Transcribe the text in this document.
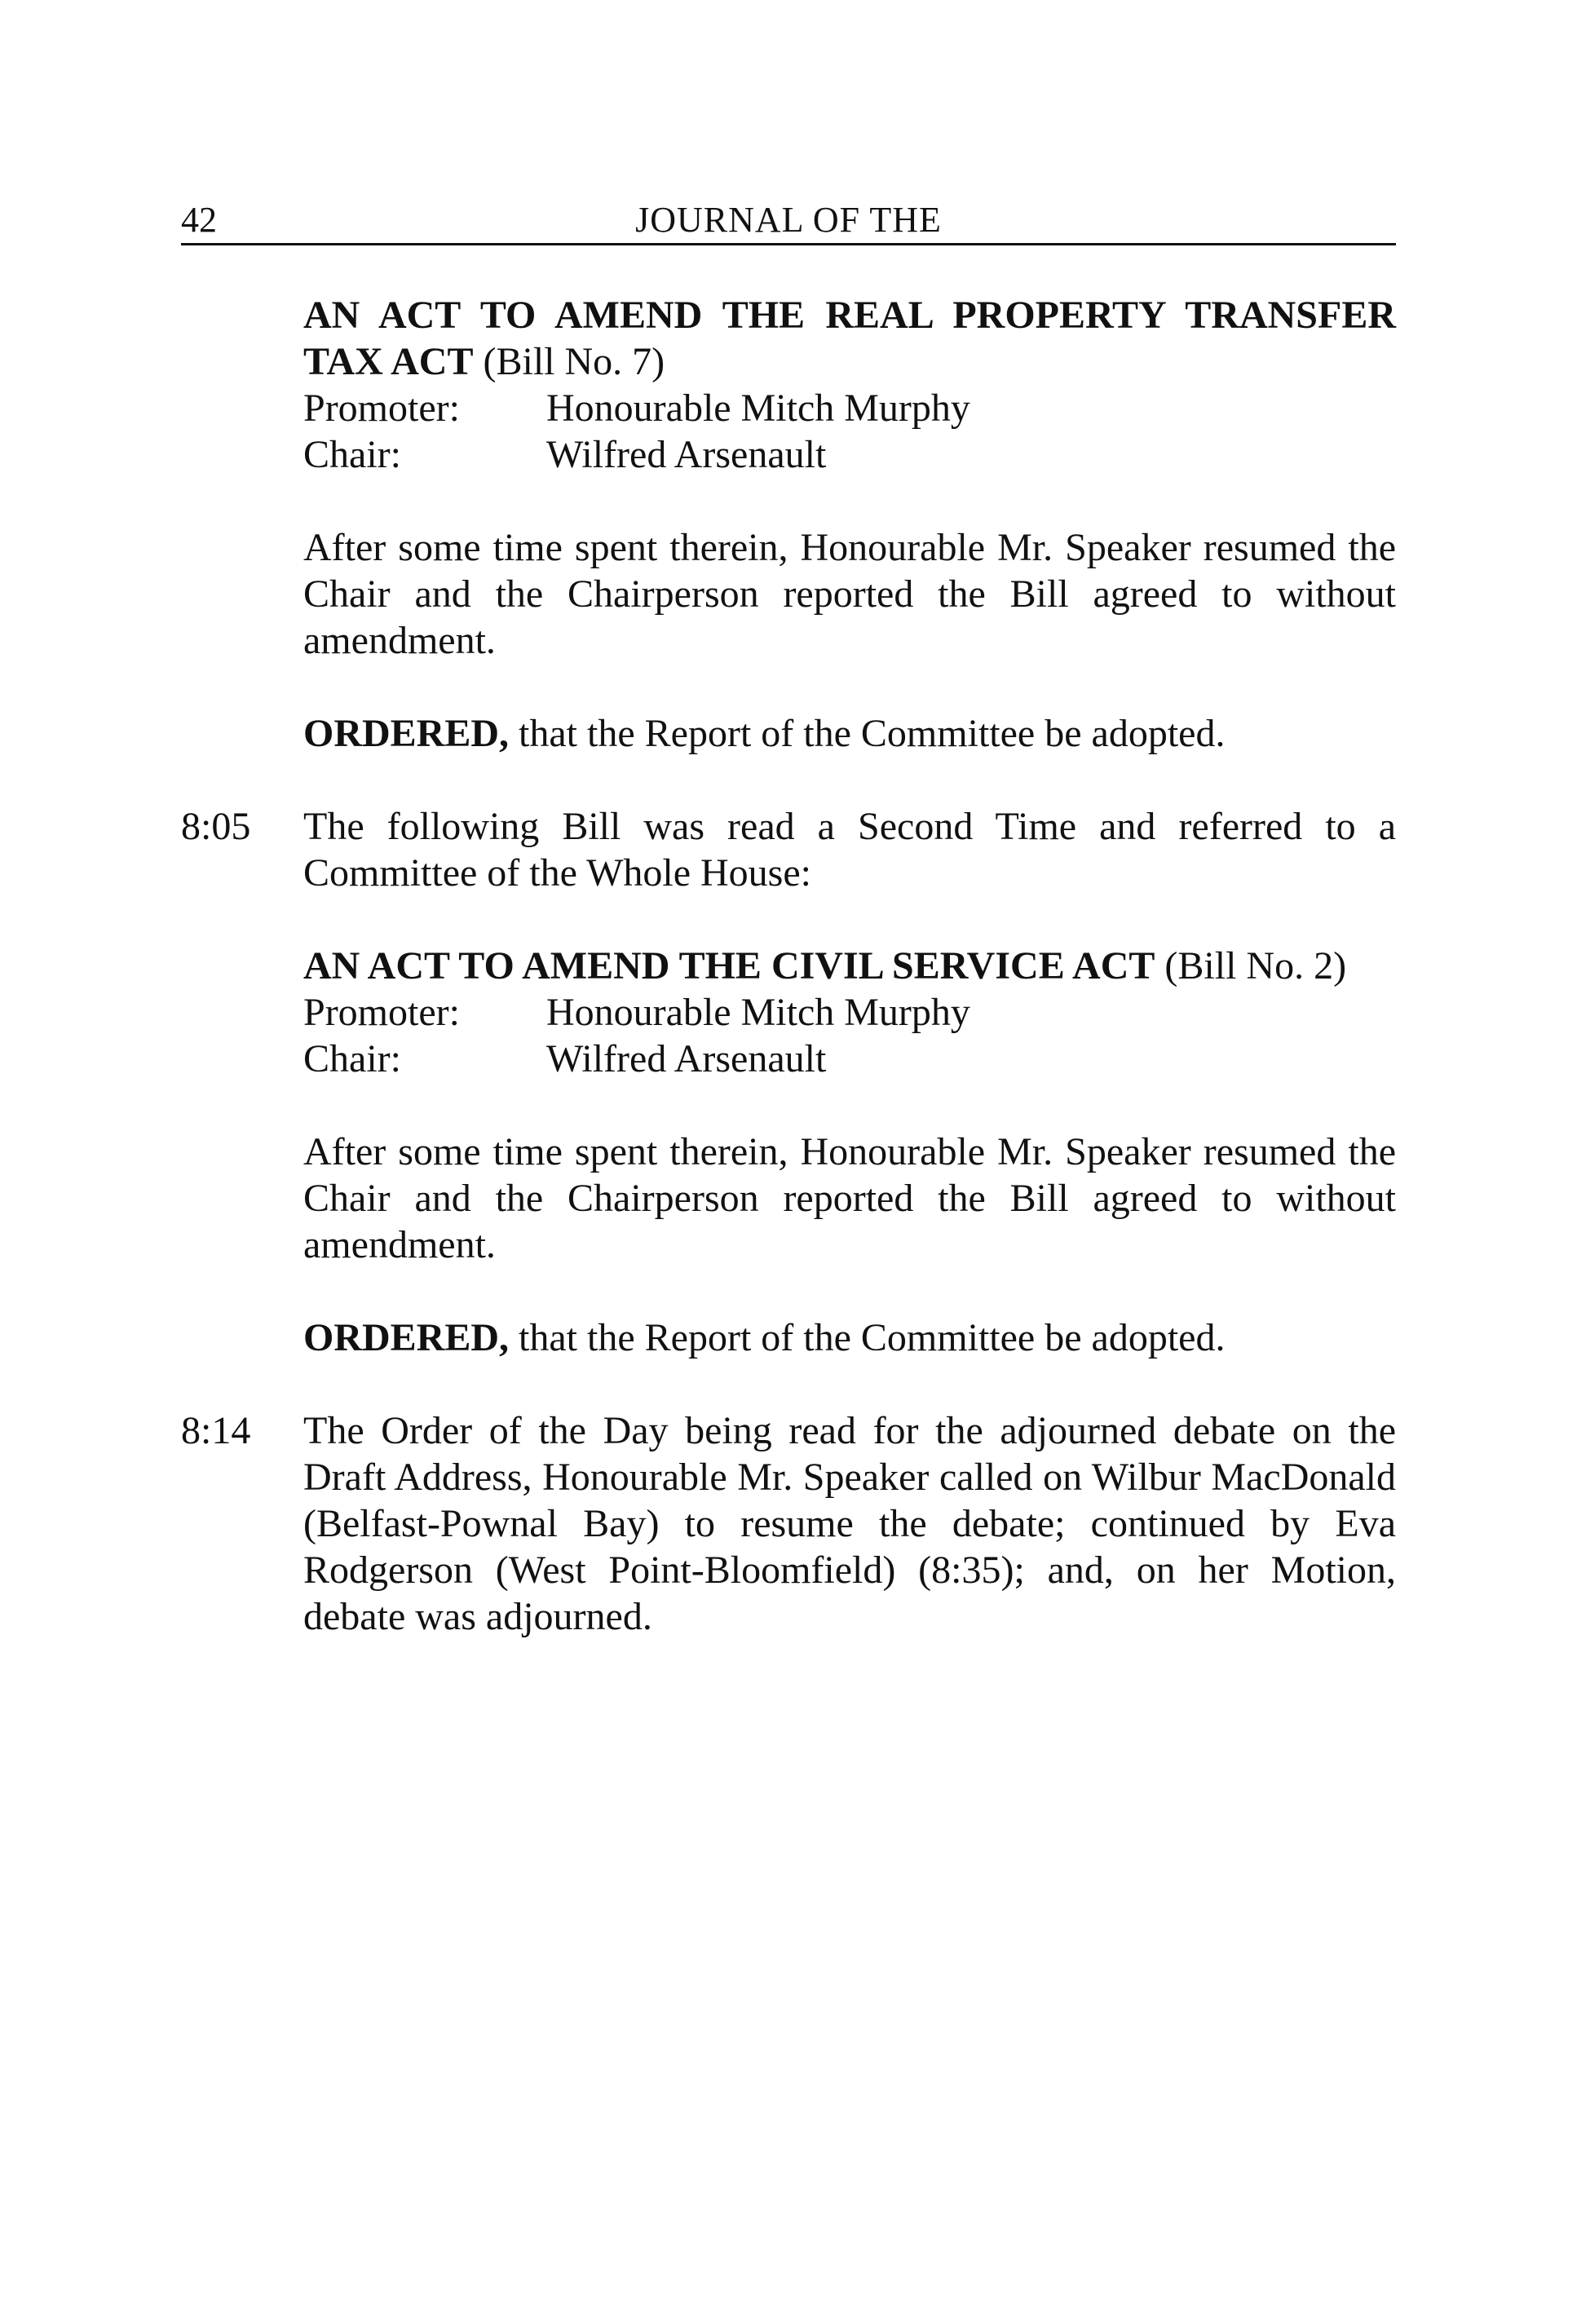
42	JOURNAL OF THE
AN ACT TO AMEND THE REAL PROPERTY TRANSFER TAX ACT (Bill No. 7)
Promoter:	Honourable Mitch Murphy
Chair:	Wilfred Arsenault
After some time spent therein, Honourable Mr. Speaker resumed the Chair and the Chairperson reported the Bill agreed to without amendment.
ORDERED, that the Report of the Committee be adopted.
8:05	The following Bill was read a Second Time and referred to a Committee of the Whole House:
AN ACT TO AMEND THE CIVIL SERVICE ACT (Bill No. 2)
Promoter:	Honourable Mitch Murphy
Chair:	Wilfred Arsenault
After some time spent therein, Honourable Mr. Speaker resumed the Chair and the Chairperson reported the Bill agreed to without amendment.
ORDERED, that the Report of the Committee be adopted.
8:14	The Order of the Day being read for the adjourned debate on the Draft Address, Honourable Mr. Speaker called on Wilbur MacDonald (Belfast-Pownal Bay) to resume the debate; continued by Eva Rodgerson (West Point-Bloomfield) (8:35); and, on her Motion, debate was adjourned.
